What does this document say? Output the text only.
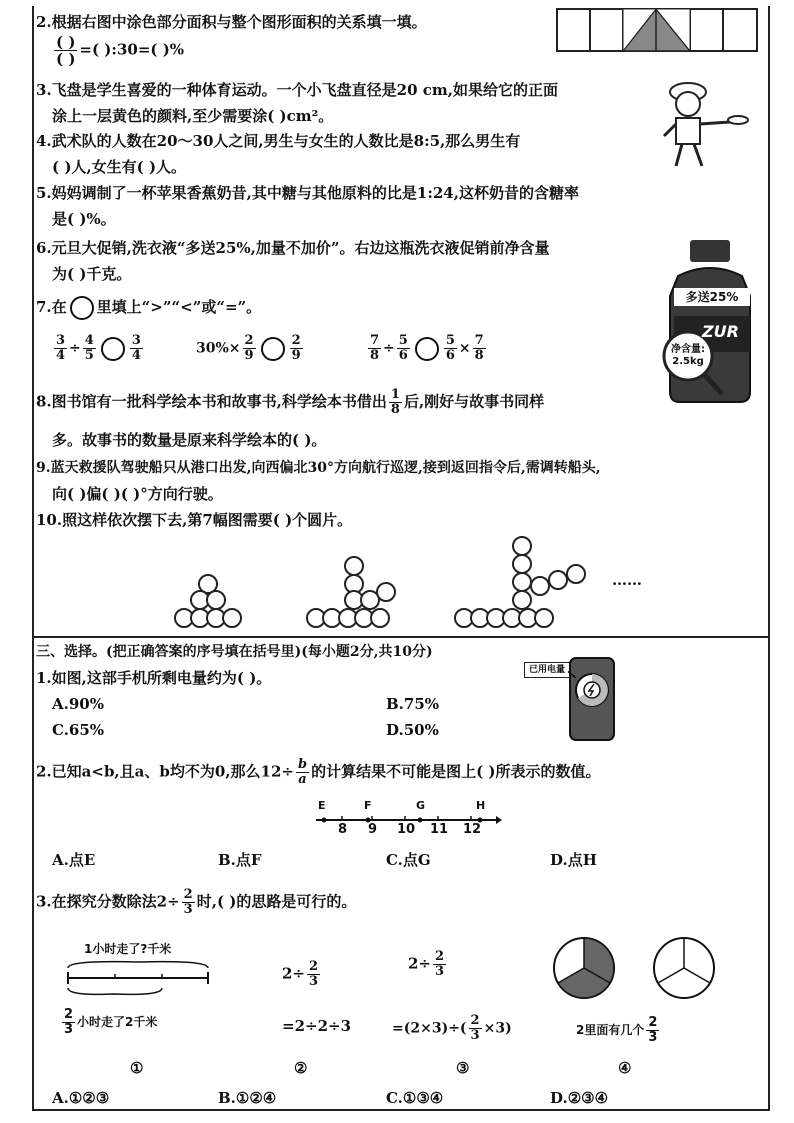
2.根据右图中涂色部分面积与整个图形面积的关系填一填。
$\frac{( )}{( )}$ =( ):30=( )%
3.飞盘是学生喜爱的一种体育运动。一个小飞盘直径是20 cm,如果给它的正面
涂上一层黄色的颜料,至少需要涂( )cm²。
4.武术队的人数在20～30人之间,男生与女生的人数比是8:5,那么男生有
( )人,女生有( )人。
5.妈妈调制了一杯苹果香蕉奶昔,其中糖与其他原料的比是1:24,这杯奶昔的含糖率
是( )%。
6.元旦大促销,洗衣液“多送25%,加量不加价”。右边这瓶洗衣液促销前净含量
为( )千克。
多送25%
ZUR
净含量:
2.5kg
7.在 里填上“>”“<”或“=”。
$\frac{3}{4} \div \frac{4}{5}$	$\frac{3}{4}$	$30\%\times \frac{2}{9}$	$\frac{2}{9}$	$\frac{7}{8} \div \frac{5}{6}$	$\frac{5}{6} \times \frac{7}{8}$
8.图书馆有一批科学绘本书和故事书,科学绘本书借出 $\frac{1}{8}$ 后,刚好与故事书同样
多。故事书的数量是原来科学绘本的( )。
9.蓝天救援队驾驶船只从港口出发,向西偏北30°方向航行巡逻,接到返回指令后,需调转船头,
向( )偏( )( )°方向行驶。
10.照这样依次摆下去,第7幅图需要( )个圆片。
……
三、选择。(把正确答案的序号填在括号里)(每小题2分,共10分)
1.如图,这部手机所剩电量约为( )。
A.90%	B.75%
C.65%	D.50%
已用电量
2.已知a<b,且a、b均不为0,那么$12\div \frac{b}{a}$ 的计算结果不可能是图上( )所表示的数值。
E	F	G	H
8 9 10 11 12
A.点E	B.点F	C.点G	D.点H
3.在探究分数除法$2\div \frac{2}{3}$ 时,( )的思路是可行的。
1小时走了?千米
$\frac{2}{3}$ 小时走了2千米
$2\div \frac{2}{3}$
=2÷2÷3
$2\div \frac{2}{3}$
$=(2\times 3)\div( \frac{2}{3} \times 3)$	2里面有几个 $\frac{2}{3}$
①	②	③	④
A.①②③	B.①②④	C.①③④	D.②③④
